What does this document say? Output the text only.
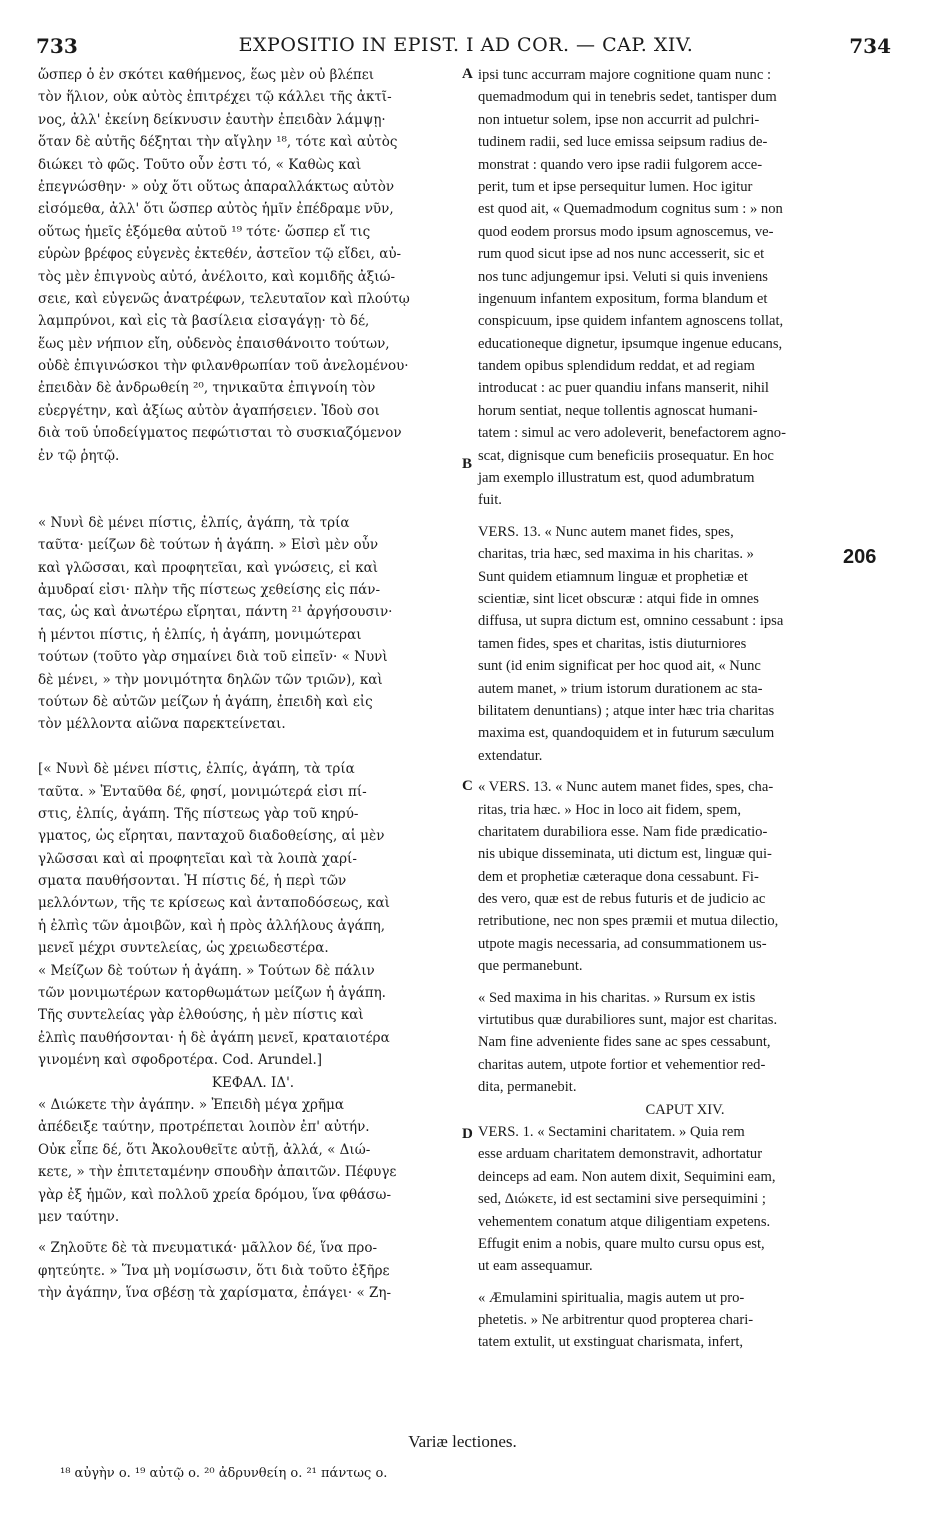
733	EXPOSITIO IN EPIST. I AD COR. — CAP. XIV.	734
A
B
C
D
206
ὥσπερ ὁ ἐν σκότει καθήμενος, ἕως μὲν οὐ βλέπει
τὸν ἥλιον, οὐκ αὐτὸς ἐπιτρέχει τῷ κάλλει τῆς ἀκτῖ-
νος, ἀλλ' ἐκείνη δείκνυσιν ἑαυτὴν ἐπειδὰν λάμψῃ·
ὅταν δὲ αὐτῆς δέξηται τὴν αἴγλην ¹⁸, τότε καὶ αὐτὸς
διώκει τὸ φῶς. Τοῦτο οὖν ἐστι τό, « Καθὼς καὶ
ἐπεγνώσθην· » οὐχ ὅτι οὕτως ἀπαραλλάκτως αὐτὸν
εἰσόμεθα, ἀλλ' ὅτι ὥσπερ αὐτὸς ἡμῖν ἐπέδραμε νῦν,
οὕτως ἡμεῖς ἑξόμεθα αὐτοῦ ¹⁹ τότε· ὥσπερ εἴ τις
εὑρὼν βρέφος εὐγενὲς ἐκτεθέν, ἀστεῖον τῷ εἴδει, αὐ-
τὸς μὲν ἐπιγνοὺς αὐτό, ἀνέλοιτο, καὶ κομιδῆς ἀξιώ-
σειε, καὶ εὐγενῶς ἀνατρέφων, τελευταῖον καὶ πλούτῳ
λαμπρύνοι, καὶ εἰς τὰ βασίλεια εἰσαγάγῃ· τὸ δέ,
ἕως μὲν νήπιον εἴη, οὐδενὸς ἐπαισθάνοιτο τούτων,
οὐδὲ ἐπιγινώσκοι τὴν φιλανθρωπίαν τοῦ ἀνελομένου·
ἐπειδὰν δὲ ἀνδρωθείη ²⁰, τηνικαῦτα ἐπιγνοίη τὸν
εὐεργέτην, καὶ ἀξίως αὐτὸν ἀγαπήσειεν. Ἰδοὺ σοι
διὰ τοῦ ὑποδείγματος πεφώτισται τὸ συσκιαζόμενον
ἐν τῷ ῥητῷ.
« Νυνὶ δὲ μένει πίστις, ἐλπίς, ἀγάπη, τὰ τρία
ταῦτα· μείζων δὲ τούτων ἡ ἀγάπη. » Εἰσὶ μὲν οὖν
καὶ γλῶσσαι, καὶ προφητεῖαι, καὶ γνώσεις, εἰ καὶ
ἀμυδραί εἰσι· πλὴν τῆς πίστεως χεθείσης εἰς πάν-
τας, ὡς καὶ ἀνωτέρω εἴρηται, πάντη ²¹ ἀργήσουσιν·
ἡ μέντοι πίστις, ἡ ἐλπίς, ἡ ἀγάπη, μονιμώτεραι
τούτων (τοῦτο γὰρ σημαίνει διὰ τοῦ εἰπεῖν· « Νυνὶ
δὲ μένει, » τὴν μονιμότητα δηλῶν τῶν τριῶν), καὶ
τούτων δὲ αὐτῶν μείζων ἡ ἀγάπη, ἐπειδὴ καὶ εἰς
τὸν μέλλοντα αἰῶνα παρεκτείνεται.
[« Νυνὶ δὲ μένει πίστις, ἐλπίς, ἀγάπη, τὰ τρία
ταῦτα. » Ἐνταῦθα δέ, φησί, μονιμώτερά εἰσι πί-
στις, ἐλπίς, ἀγάπη. Τῆς πίστεως γὰρ τοῦ κηρύ-
γματος, ὡς εἴρηται, πανταχοῦ διαδοθείσης, αἱ μὲν
γλῶσσαι καὶ αἱ προφητεῖαι καὶ τὰ λοιπὰ χαρί-
σματα παυθήσονται. Ἡ πίστις δέ, ἡ περὶ τῶν
μελλόντων, τῆς τε κρίσεως καὶ ἀνταποδόσεως, καὶ
ἡ ἐλπὶς τῶν ἀμοιβῶν, καὶ ἡ πρὸς ἀλλήλους ἀγάπη,
μενεῖ μέχρι συντελείας, ὡς χρειωδεστέρα.
« Μείζων δὲ τούτων ἡ ἀγάπη. » Τούτων δὲ πάλιν
τῶν μονιμωτέρων κατορθωμάτων μείζων ἡ ἀγάπη.
Τῆς συντελείας γὰρ ἐλθούσης, ἡ μὲν πίστις καὶ
ἐλπὶς παυθήσονται· ἡ δὲ ἀγάπη μενεῖ, κραταιοτέρα
γινομένη καὶ σφοδροτέρα. Cod. Arundel.]
ΚΕΦΑΛ. ΙΔ'.
« Διώκετε τὴν ἀγάπην. » Ἐπειδὴ μέγα χρῆμα
ἀπέδειξε ταύτην, προτρέπεται λοιπὸν ἐπ' αὐτήν.
Οὐκ εἶπε δέ, ὅτι Ἀκολουθεῖτε αὐτῇ, ἀλλά, « Διώ-
κετε, » τὴν ἐπιτεταμένην σπουδὴν ἀπαιτῶν. Πέφυγε
γὰρ ἐξ ἡμῶν, καὶ πολλοῦ χρεία δρόμου, ἵνα φθάσω-
μεν ταύτην.
« Ζηλοῦτε δὲ τὰ πνευματικά· μᾶλλον δέ, ἵνα προ-
φητεύητε. » Ἵνα μὴ νομίσωσιν, ὅτι διὰ τοῦτο ἐξῆρε
τὴν ἀγάπην, ἵνα σβέσῃ τὰ χαρίσματα, ἐπάγει· « Ζη-
ipsi tunc accurram majore cognitione quam nunc :
quemadmodum qui in tenebris sedet, tantisper dum
non intuetur solem, ipse non accurrit ad pulchri-
tudinem radii, sed luce emissa seipsum radius de-
monstrat : quando vero ipse radii fulgorem acce-
perit, tum et ipse persequitur lumen. Hoc igitur
est quod ait, « Quemadmodum cognitus sum : » non
quod eodem prorsus modo ipsum agnoscemus, ve-
rum quod sicut ipse ad nos nunc accesserit, sic et
nos tunc adjungemur ipsi. Veluti si quis inveniens
ingenuum infantem expositum, forma blandum et
conspicuum, ipse quidem infantem agnoscens tollat,
educationeque dignetur, ipsumque ingenue educans,
tandem opibus splendidum reddat, et ad regiam
introducat : ac puer quandiu infans manserit, nihil
horum sentiat, neque tollentis agnoscat humani-
tatem : simul ac vero adoleverit, benefactorem agno-
scat, dignisque cum beneficiis prosequatur. En hoc
jam exemplo illustratum est, quod adumbratum
fuit.
VERS. 13. « Nunc autem manet fides, spes,
charitas, tria hæc, sed maxima in his charitas. »
Sunt quidem etiamnum linguæ et prophetiæ et
scientiæ, sint licet obscuræ : atqui fide in omnes
diffusa, ut supra dictum est, omnino cessabunt : ipsa
tamen fides, spes et charitas, istis diuturniores
sunt (id enim significat per hoc quod ait, « Nunc
autem manet, » trium istorum durationem ac sta-
bilitatem denuntians) ; atque inter hæc tria charitas
maxima est, quandoquidem et in futurum sæculum
extendatur.
« VERS. 13. « Nunc autem manet fides, spes, cha-
ritas, tria hæc. » Hoc in loco ait fidem, spem,
charitatem durabiliora esse. Nam fide prædicatio-
nis ubique disseminata, uti dictum est, linguæ qui-
dem et prophetiæ cæteraque dona cessabunt. Fi-
des vero, quæ est de rebus futuris et de judicio ac
retributione, nec non spes præmii et mutua dilectio,
utpote magis necessaria, ad consummationem us-
que permanebunt.
« Sed maxima in his charitas. » Rursum ex istis
virtutibus quæ durabiliores sunt, major est charitas.
Nam fine adveniente fides sane ac spes cessabunt,
charitas autem, utpote fortior et vehementior red-
dita, permanebit.
CAPUT XIV.
VERS. 1. « Sectamini charitatem. » Quia rem
esse arduam charitatem demonstravit, adhortatur
deinceps ad eam. Non autem dixit, Sequimini eam,
sed, Διώκετε, id est sectamini sive persequimini ;
vehementem conatum atque diligentiam expetens.
Effugit enim a nobis, quare multo cursu opus est,
ut eam assequamur.
« Æmulamini spiritualia, magis autem ut pro-
phetetis. » Ne arbitrentur quod propterea chari-
tatem extulit, ut exstinguat charismata, infert,
Variæ lectiones.
¹⁸ αὐγὴν ο. ¹⁹ αὐτῷ ο. ²⁰ ἀδρυνθείη ο. ²¹ πάντως ο.
